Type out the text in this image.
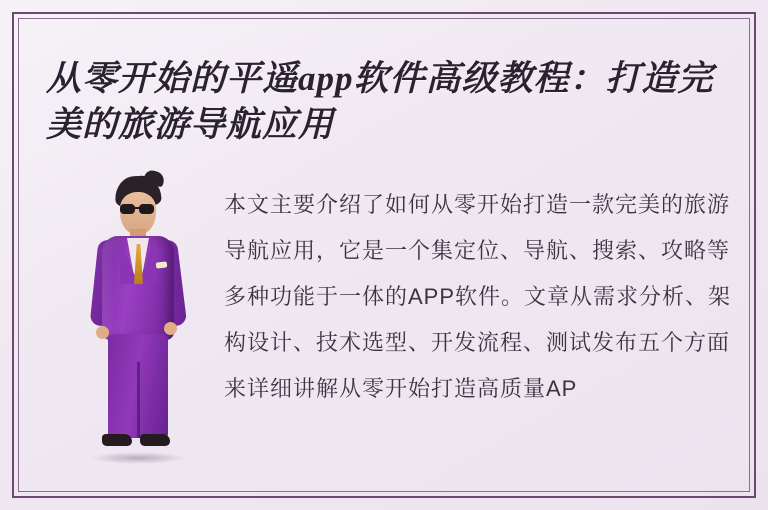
从零开始的平遥app软件高级教程：打造完美的旅游导航应用
本文主要介绍了如何从零开始打造一款完美的旅游导航应用，它是一个集定位、导航、搜索、攻略等多种功能于一体的APP软件。文章从需求分析、架构设计、技术选型、开发流程、测试发布五个方面来详细讲解从零开始打造高质量AP
